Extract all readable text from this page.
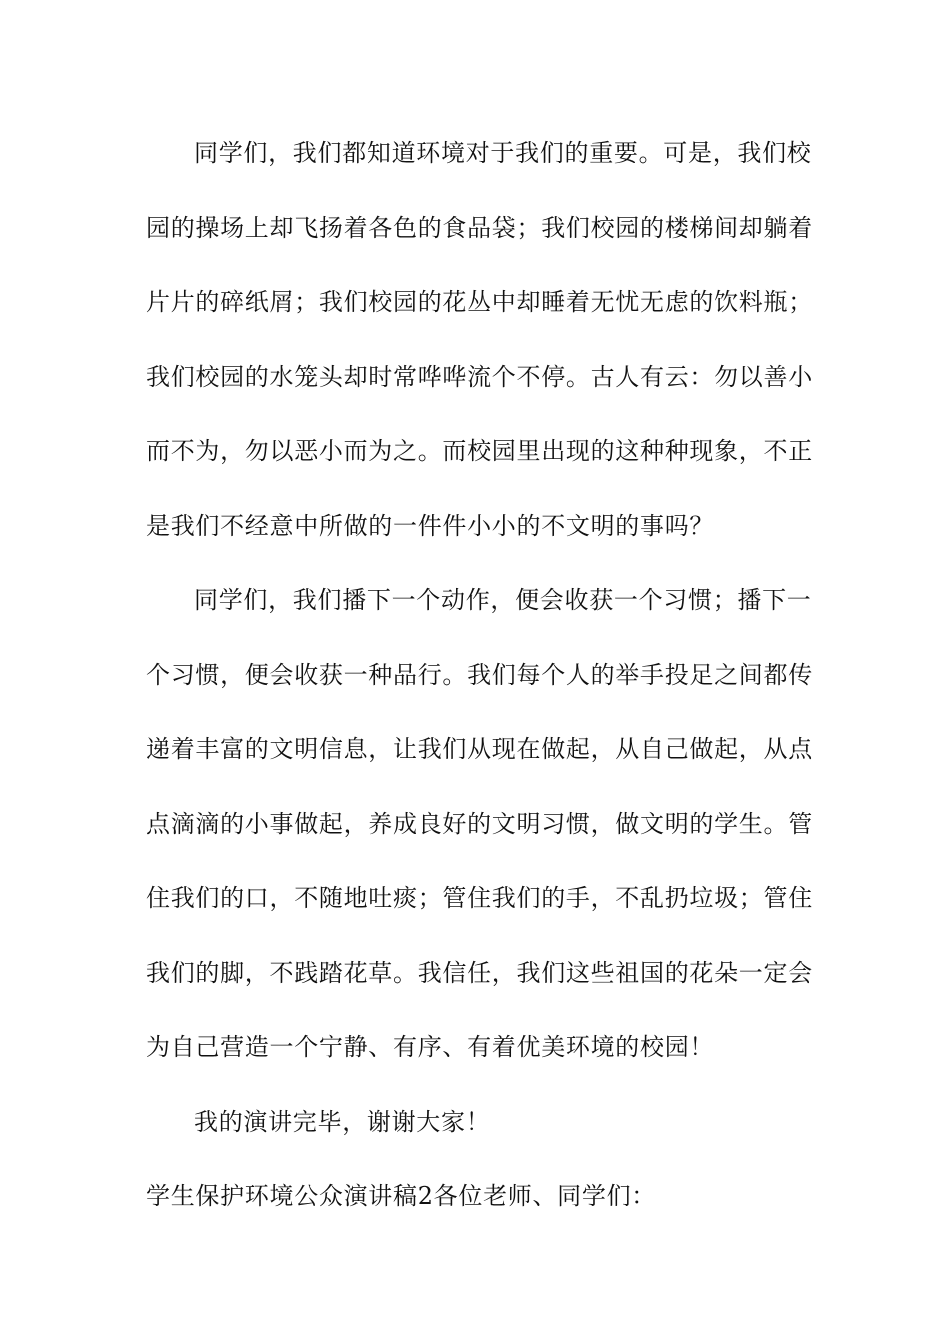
同学们，我们都知道环境对于我们的重要。可是，我们校
园的操场上却飞扬着各色的食品袋；我们校园的楼梯间却躺着
片片的碎纸屑；我们校园的花丛中却睡着无忧无虑的饮料瓶；
我们校园的水笼头却时常哗哗流个不停。古人有云：勿以善小
而不为，勿以恶小而为之。而校园里出现的这种种现象，不正
是我们不经意中所做的一件件小小的不文明的事吗？
同学们，我们播下一个动作，便会收获一个习惯；播下一
个习惯，便会收获一种品行。我们每个人的举手投足之间都传
递着丰富的文明信息，让我们从现在做起，从自己做起，从点
点滴滴的小事做起，养成良好的文明习惯，做文明的学生。管
住我们的口，不随地吐痰；管住我们的手，不乱扔垃圾；管住
我们的脚，不践踏花草。我信任，我们这些祖国的花朵一定会
为自己营造一个宁静、有序、有着优美环境的校园！
我的演讲完毕，谢谢大家！
学生保护环境公众演讲稿2各位老师、同学们：
